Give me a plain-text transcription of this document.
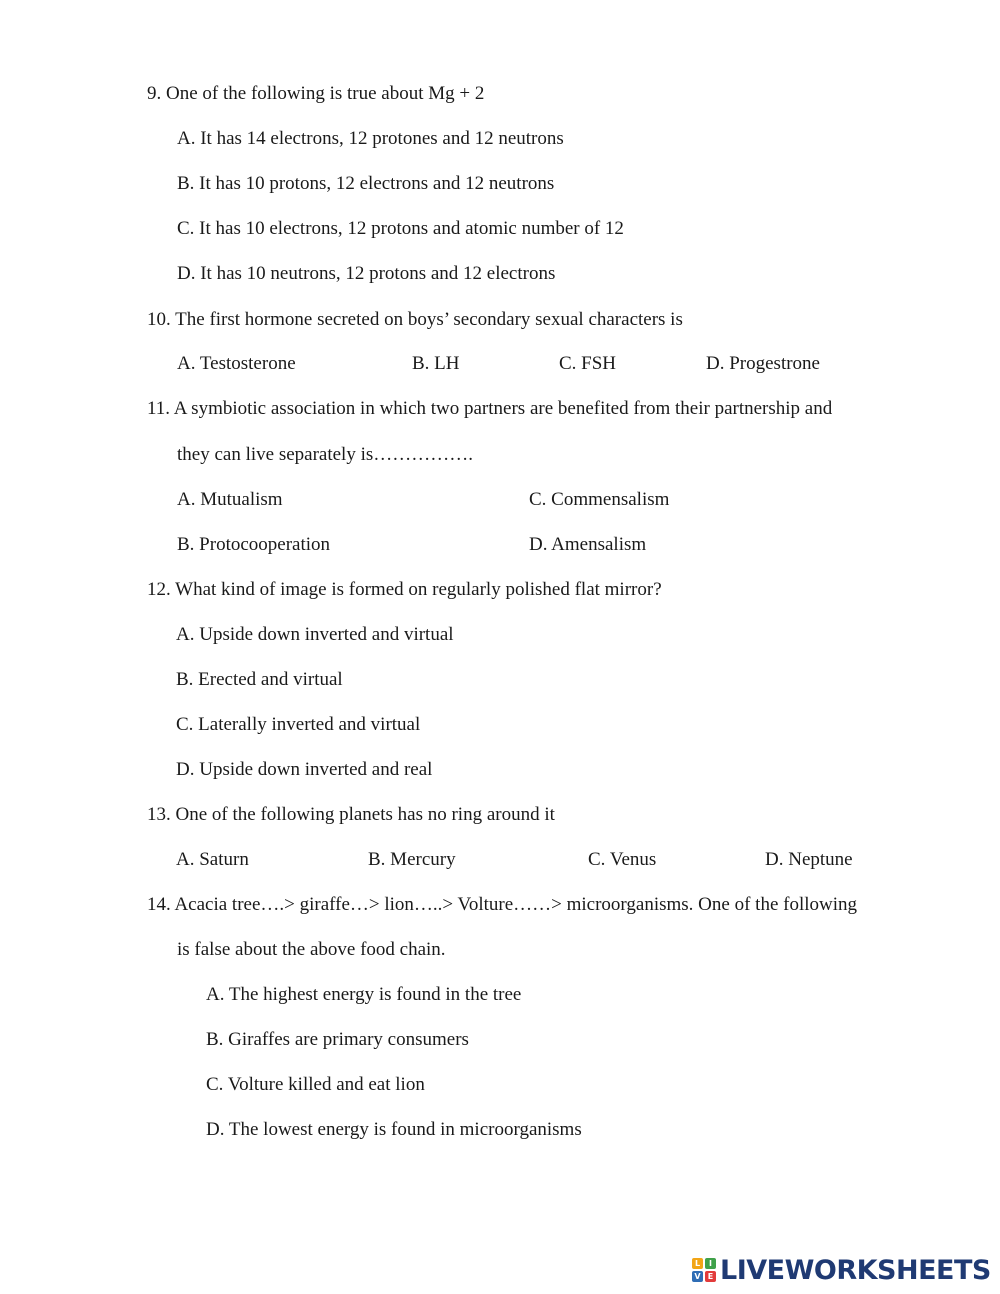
9. One of the following is true about Mg + 2
A. It has 14 electrons, 12 protones and 12 neutrons
B. It has 10 protons, 12 electrons and 12 neutrons
C. It has 10 electrons, 12 protons and atomic number of 12
D. It has 10 neutrons, 12 protons and 12 electrons
10. The first hormone secreted on boys’ secondary sexual characters is
A. Testosterone	B. LH	C. FSH	D. Progestrone
11. A symbiotic association in which two partners are benefited from their partnership and
they can live separately is…………….
A. Mutualism	C. Commensalism
B. Protocooperation	D. Amensalism
12. What kind of image is formed on regularly polished flat mirror?
A. Upside down inverted and virtual
B. Erected and virtual
C. Laterally inverted and virtual
D. Upside down inverted and real
13. One of the following planets has no ring around it
A. Saturn	B. Mercury	C. Venus	D. Neptune
14. Acacia tree….> giraffe…> lion…..> Volture……> microorganisms. One of the following
is false about the above food chain.
A. The highest energy is found in the tree
B. Giraffes are primary consumers
C. Volture killed and eat lion
D. The lowest energy is found in microorganisms
L	I
V E LIVEWORKSHEETS
